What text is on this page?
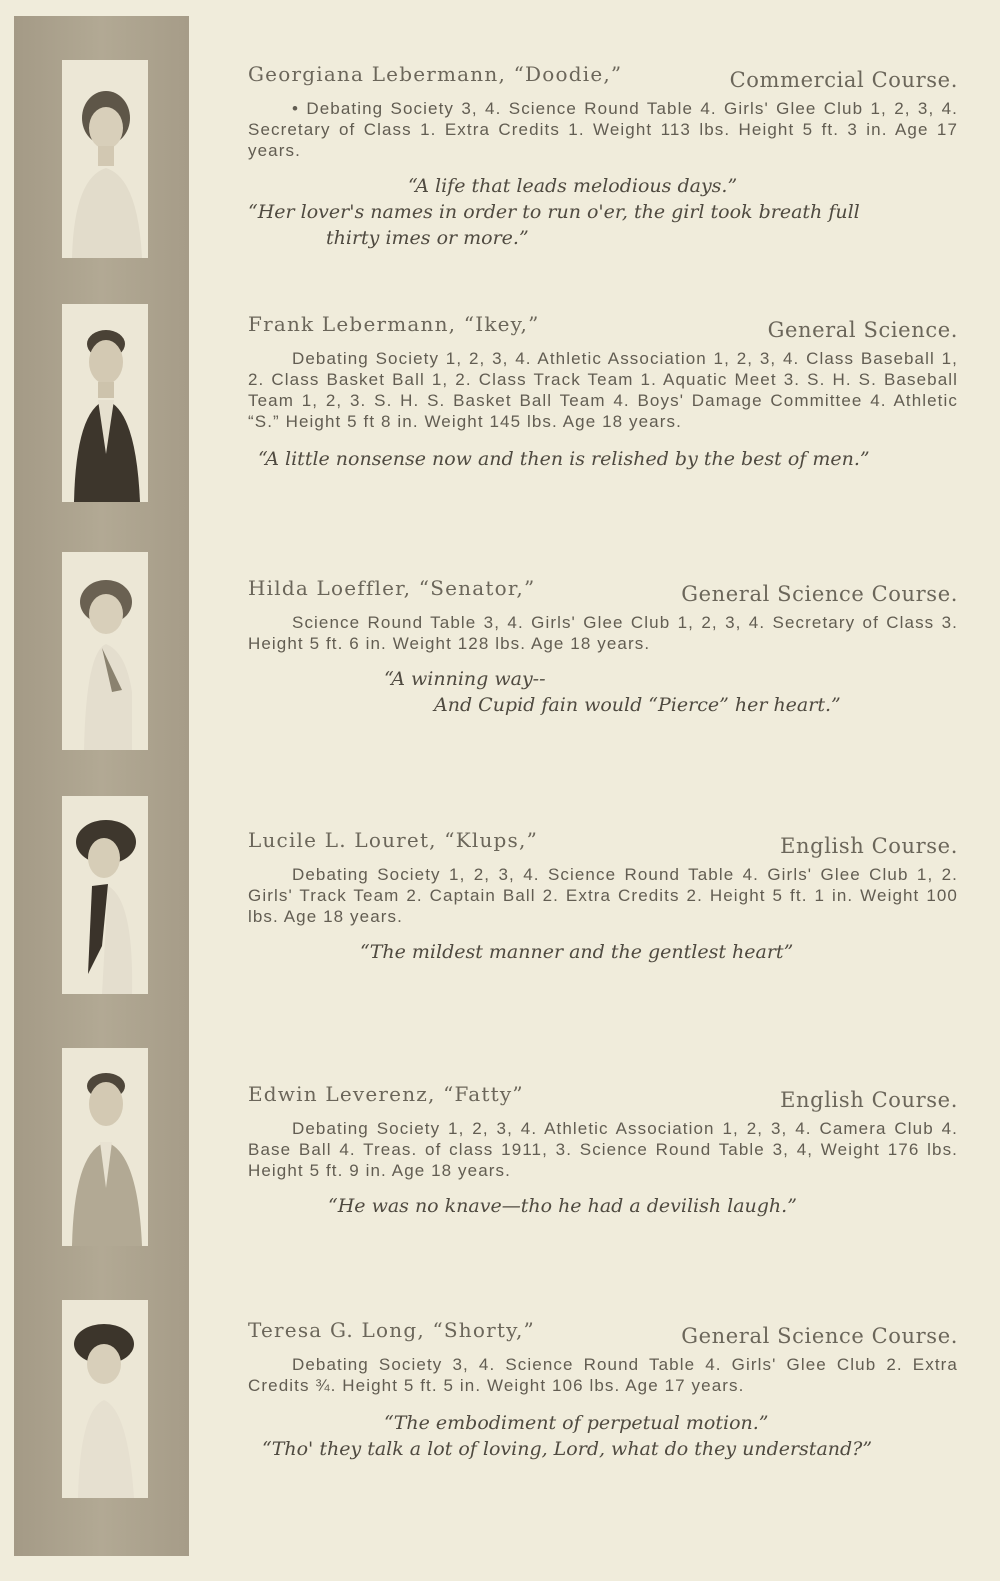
Georgiana Lebermann, “Doodie,”	Commercial Course.

• Debating Society 3, 4. Science Round Table 4. Girls' Glee Club 1, 2, 3, 4. Secretary of Class 1. Extra Credits 1. Weight 113 lbs. Height 5 ft. 3 in. Age 17 years.

“A life that leads melodious days.”
“Her lover's names in order to run o'er, the girl took breath full
thirty imes or more.”
Frank Lebermann, “Ikey,”	General Science.

Debating Society 1, 2, 3, 4. Athletic Association 1, 2, 3, 4. Class Baseball 1, 2. Class Basket Ball 1, 2. Class Track Team 1. Aquatic Meet 3. S. H. S. Baseball Team 1, 2, 3. S. H. S. Basket Ball Team 4. Boys' Damage Committee 4. Athletic “S.” Height 5 ft 8 in. Weight 145 lbs. Age 18 years.

“A little nonsense now and then is relished by the best of men.”
Hilda Loeffler, “Senator,”	General Science Course.

Science Round Table 3, 4. Girls' Glee Club 1, 2, 3, 4. Secretary of Class 3. Height 5 ft. 6 in. Weight 128 lbs. Age 18 years.

“A winning way--
And Cupid fain would “Pierce” her heart.”
Lucile L. Louret, “Klups,”	English Course.

Debating Society 1, 2, 3, 4. Science Round Table 4. Girls' Glee Club 1, 2. Girls' Track Team 2. Captain Ball 2. Extra Credits 2. Height 5 ft. 1 in. Weight 100 lbs. Age 18 years.

“The mildest manner and the gentlest heart”
Edwin Leverenz, “Fatty”	English Course.

Debating Society 1, 2, 3, 4. Athletic Association 1, 2, 3, 4. Camera Club 4. Base Ball 4. Treas. of class 1911, 3. Science Round Table 3, 4, Weight 176 lbs. Height 5 ft. 9 in. Age 18 years.

“He was no knave—tho he had a devilish laugh.”
Teresa G. Long, “Shorty,”	General Science Course.

Debating Society 3, 4. Science Round Table 4. Girls' Glee Club 2. Extra Credits ¾. Height 5 ft. 5 in. Weight 106 lbs. Age 17 years.

“The embodiment of perpetual motion.”
“Tho' they talk a lot of loving, Lord, what do they understand?”
